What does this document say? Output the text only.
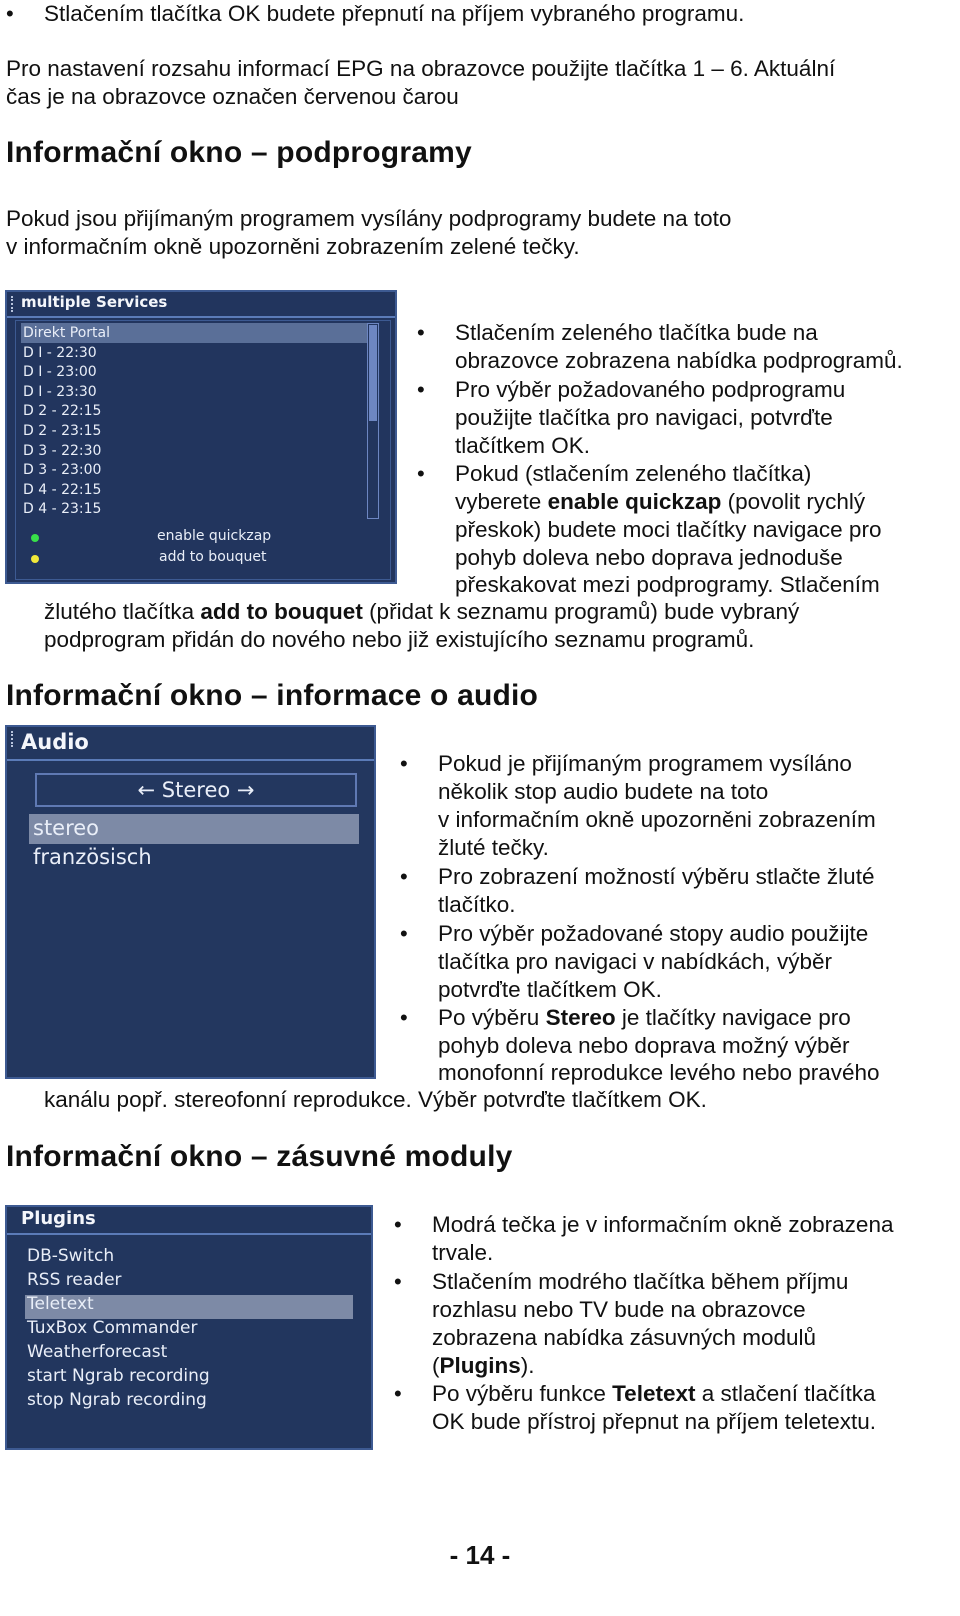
• Stlačením tlačítka OK budete přepnutí na příjem vybraného programu.
Pro nastavení rozsahu informací EPG na obrazovce použijte tlačítka 1 – 6. Aktuální
čas je na obrazovce označen červenou čarou
Informační okno – podprogramy
Pokud jsou přijímaným programem vysílány podprogramy budete na toto
v informačním okně upozorněni zobrazením zelené tečky.
multiple Services
Direkt Portal
D I - 22:30
D I - 23:00
D I - 23:30
D 2 - 22:15
D 2 - 23:15
D 3 - 22:30
D 3 - 23:00
D 4 - 22:15
D 4 - 23:15
enable quickzap
add to bouquet
• Stlačením zeleného tlačítka bude na
obrazovce zobrazena nabídka podprogramů.
• Pro výběr požadovaného podprogramu
použijte tlačítka pro navigaci, potvrďte
tlačítkem OK.
• Pokud (stlačením zeleného tlačítka)
vyberete enable quickzap (povolit rychlý
přeskok) budete moci tlačítky navigace pro
pohyb doleva nebo doprava jednoduše
přeskakovat mezi podprogramy. Stlačením
žlutého tlačítka add to bouquet (přidat k seznamu programů) bude vybraný
podprogram přidán do nového nebo již existujícího seznamu programů.
Informační okno – informace o audio
Audio
← Stereo →
stereo
französisch
• Pokud je přijímaným programem vysíláno
několik stop audio budete na toto
v informačním okně upozorněni zobrazením
žluté tečky.
• Pro zobrazení možností výběru stlačte žluté
tlačítko.
• Pro výběr požadované stopy audio použijte
tlačítka pro navigaci v nabídkách, výběr
potvrďte tlačítkem OK.
• Po výběru Stereo je tlačítky navigace pro
pohyb doleva nebo doprava možný výběr
monofonní reprodukce levého nebo pravého
kanálu popř. stereofonní reprodukce. Výběr potvrďte tlačítkem OK.
Informační okno – zásuvné moduly
Plugins
DB-Switch
RSS reader
Teletext
TuxBox Commander
Weatherforecast
start Ngrab recording
stop Ngrab recording
• Modrá tečka je v informačním okně zobrazena
trvale.
• Stlačením modrého tlačítka během příjmu
rozhlasu nebo TV bude na obrazovce
zobrazena nabídka zásuvných modulů
(Plugins).
• Po výběru funkce Teletext a stlačení tlačítka
OK bude přístroj přepnut na příjem teletextu.
- 14 -
